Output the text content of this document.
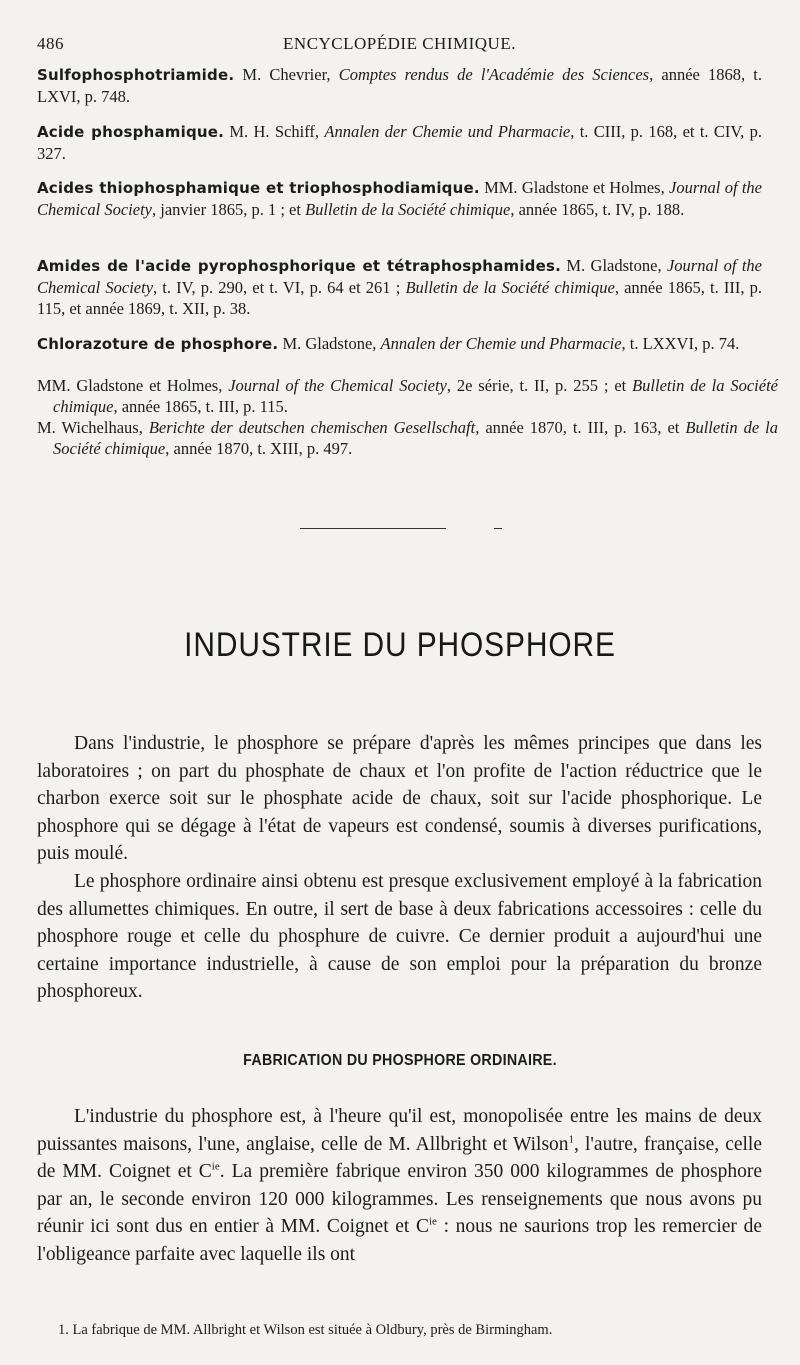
486	ENCYCLOPÉDIE CHIMIQUE.
Sulfophosphotriamide. M. Chevrier, Comptes rendus de l'Académie des Sciences, année 1868, t. LXVI, p. 748.
Acide phosphamique. M. H. Schiff, Annalen der Chemie und Pharmacie, t. CIII, p. 168, et t. CIV, p. 327.
Acides thiophosphamique et triophosphodiamique. MM. Gladstone et Holmes, Journal of the Chemical Society, janvier 1865, p. 1 ; et Bulletin de la Société chimique, année 1865, t. IV, p. 188.
Amides de l'acide pyrophosphorique et tétraphosphamides. M. Gladstone, Journal of the Chemical Society, t. IV, p. 290, et t. VI, p. 64 et 261 ; Bulletin de la Société chimique, année 1865, t. III, p. 115, et année 1869, t. XII, p. 38.
Chlorazoture de phosphore. M. Gladstone, Annalen der Chemie und Pharmacie, t. LXXVI, p. 74.
MM. Gladstone et Holmes, Journal of the Chemical Society, 2e série, t. II, p. 255 ; et Bulletin de la Société chimique, année 1865, t. III, p. 115.
M. Wichelhaus, Berichte der deutschen chemischen Gesellschaft, année 1870, t. III, p. 163, et Bulletin de la Société chimique, année 1870, t. XIII, p. 497.
INDUSTRIE DU PHOSPHORE

Dans l'industrie, le phosphore se prépare d'après les mêmes principes que dans les laboratoires ; on part du phosphate de chaux et l'on profite de l'action réductrice que le charbon exerce soit sur le phosphate acide de chaux, soit sur l'acide phosphorique. Le phosphore qui se dégage à l'état de vapeurs est condensé, soumis à diverses purifications, puis moulé.

Le phosphore ordinaire ainsi obtenu est presque exclusivement employé à la fabrication des allumettes chimiques. En outre, il sert de base à deux fabrications accessoires : celle du phosphore rouge et celle du phosphure de cuivre. Ce dernier produit a aujourd'hui une certaine importance industrielle, à cause de son emploi pour la préparation du bronze phosphoreux.

FABRICATION DU PHOSPHORE ORDINAIRE.

L'industrie du phosphore est, à l'heure qu'il est, monopolisée entre les mains de deux puissantes maisons, l'une, anglaise, celle de M. Allbright et Wilson$^1$, l'autre, française, celle de MM. Coignet et $C^{ie}$. La première fabrique environ 350 000 kilogrammes de phosphore par an, le seconde environ 120 000 kilogrammes. Les renseignements que nous avons pu réunir ici sont dus en entier à MM. Coignet et $C^{ie}$ : nous ne saurions trop les remercier de l'obligeance parfaite avec laquelle ils ont

1. La fabrique de MM. Allbright et Wilson est située à Oldbury, près de Birmingham.
